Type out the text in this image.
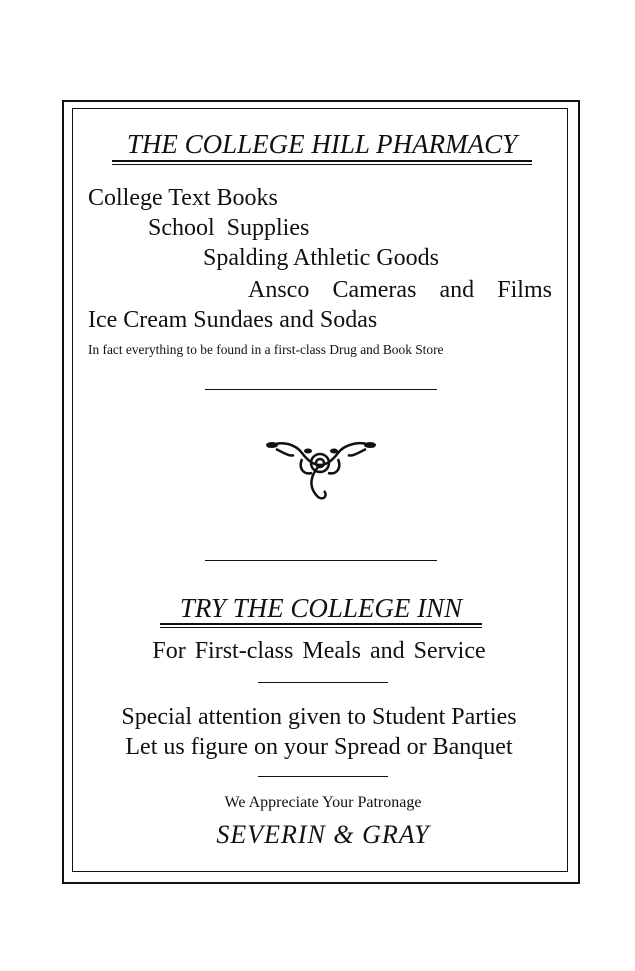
THE COLLEGE HILL PHARMACY
College Text Books
School Supplies
Spalding Athletic Goods
Ansco Cameras and Films
Ice Cream Sundaes and Sodas
In fact everything to be found in a first-class Drug and Book Store
TRY THE COLLEGE INN
For First-class Meals and Service
Special attention given to Student Parties
Let us figure on your Spread or Banquet
We Appreciate Your Patronage
SEVERIN & GRAY
